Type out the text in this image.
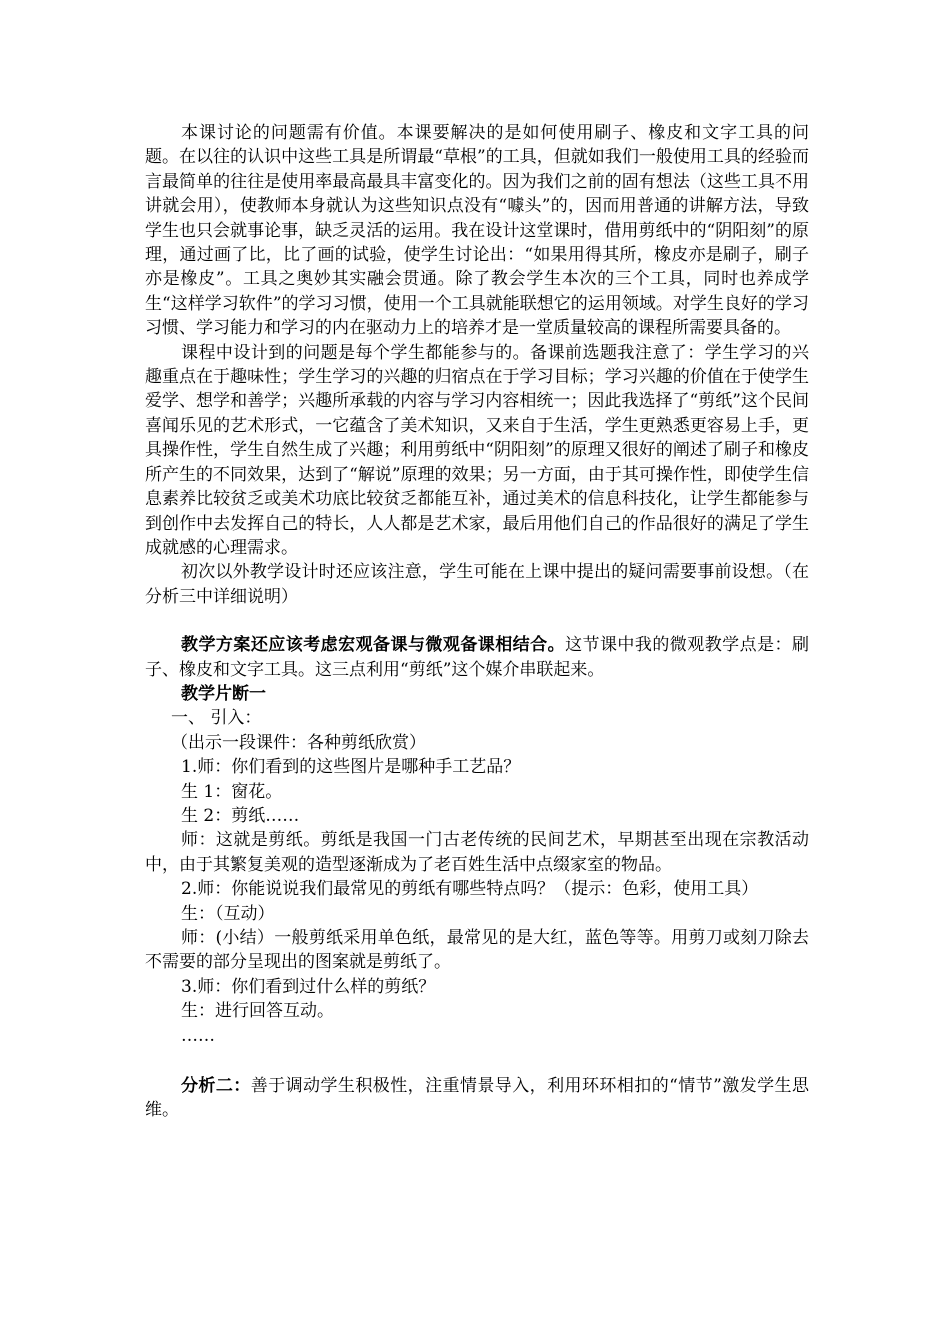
本课讨论的问题需有价值。本课要解决的是如何使用刷子、橡皮和文字工具的问题。在以往的认识中这些工具是所谓最“草根”的工具，但就如我们一般使用工具的经验而言最简单的往往是使用率最高最具丰富变化的。因为我们之前的固有想法（这些工具不用讲就会用），使教师本身就认为这些知识点没有“噱头”的，因而用普通的讲解方法，导致学生也只会就事论事，缺乏灵活的运用。我在设计这堂课时，借用剪纸中的“阴阳刻”的原理，通过画了比，比了画的试验，使学生讨论出：“如果用得其所，橡皮亦是刷子，刷子亦是橡皮”。工具之奥妙其实融会贯通。除了教会学生本次的三个工具，同时也养成学生“这样学习软件”的学习习惯，使用一个工具就能联想它的运用领域。对学生良好的学习习惯、学习能力和学习的内在驱动力上的培养才是一堂质量较高的课程所需要具备的。

课程中设计到的问题是每个学生都能参与的。备课前选题我注意了：学生学习的兴趣重点在于趣味性；学生学习的兴趣的归宿点在于学习目标；学习兴趣的价值在于使学生爱学、想学和善学；兴趣所承载的内容与学习内容相统一；因此我选择了“剪纸”这个民间喜闻乐见的艺术形式，一它蕴含了美术知识，又来自于生活，学生更熟悉更容易上手，更具操作性，学生自然生成了兴趣；利用剪纸中“阴阳刻”的原理又很好的阐述了刷子和橡皮所产生的不同效果，达到了“解说”原理的效果；另一方面，由于其可操作性，即使学生信息素养比较贫乏或美术功底比较贫乏都能互补，通过美术的信息科技化，让学生都能参与到创作中去发挥自己的特长，人人都是艺术家，最后用他们自己的作品很好的满足了学生成就感的心理需求。

初次以外教学设计时还应该注意，学生可能在上课中提出的疑问需要事前设想。（在分析三中详细说明）

教学方案还应该考虑宏观备课与微观备课相结合。这节课中我的微观教学点是：刷子、橡皮和文字工具。这三点利用“剪纸”这个媒介串联起来。

教学片断一

一、 引入：

（出示一段课件：各种剪纸欣赏）

1.师：你们看到的这些图片是哪种手工艺品？

生 1：窗花。

生 2：剪纸……

师：这就是剪纸。剪纸是我国一门古老传统的民间艺术，早期甚至出现在宗教活动中，由于其繁复美观的造型逐渐成为了老百姓生活中点缀家室的物品。

2.师：你能说说我们最常见的剪纸有哪些特点吗？（提示：色彩，使用工具）

生：（互动）

师：(小结）一般剪纸采用单色纸，最常见的是大红，蓝色等等。用剪刀或刻刀除去不需要的部分呈现出的图案就是剪纸了。

3.师：你们看到过什么样的剪纸？

生：进行回答互动。

……

分析二：善于调动学生积极性，注重情景导入，利用环环相扣的“情节”激发学生思维。
